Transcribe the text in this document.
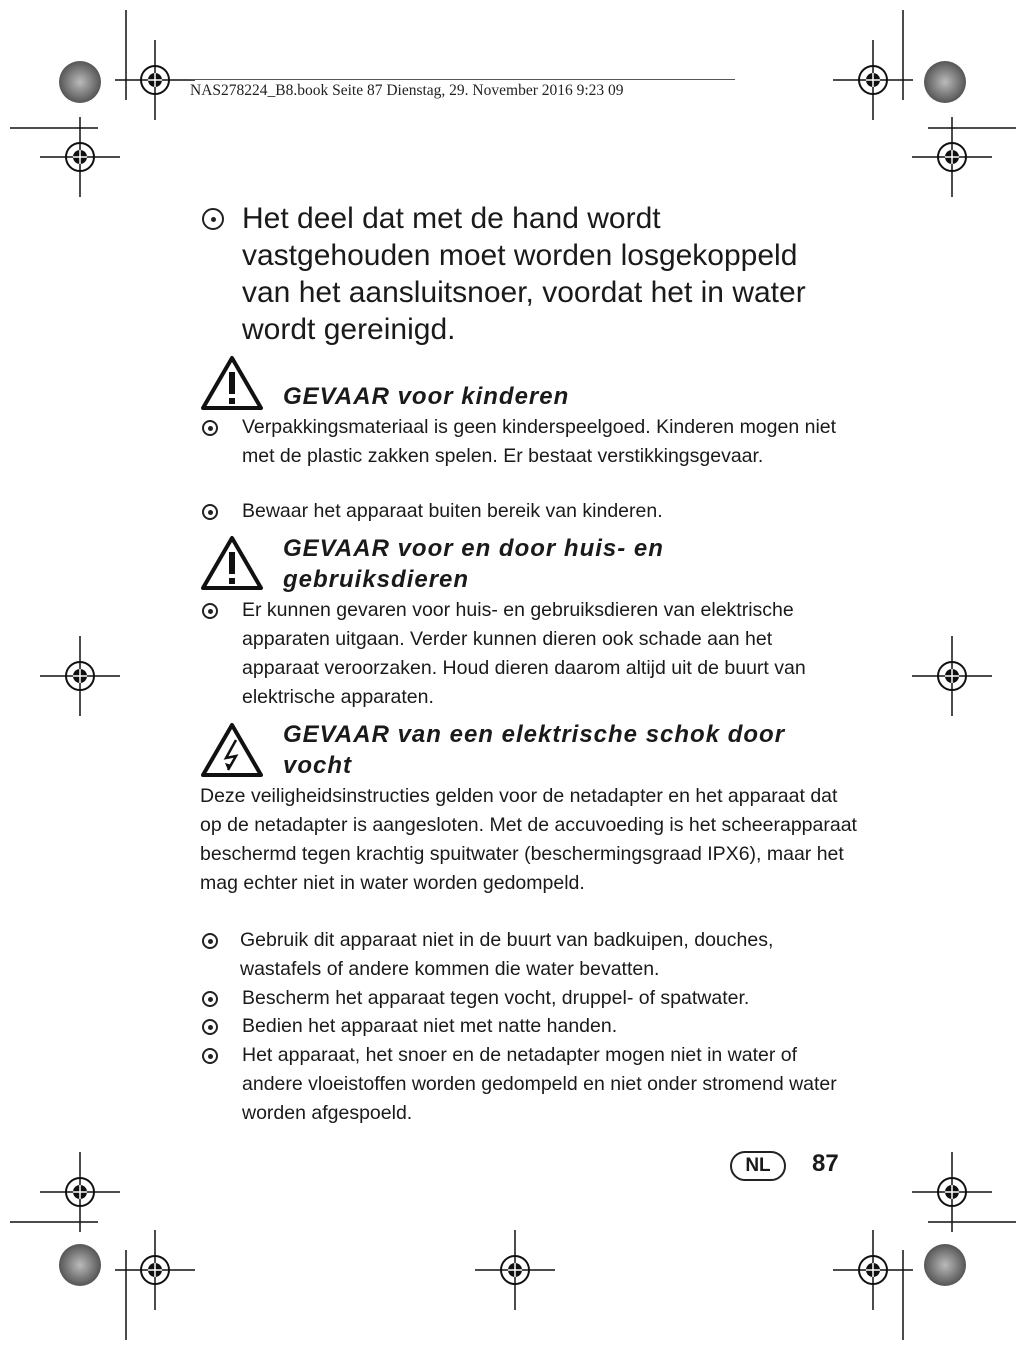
NAS278224_B8.book Seite 87 Dienstag, 29. November 2016 9:23 09
Het deel dat met de hand wordt vastgehouden moet worden losgekoppeld van het aansluitsnoer, voordat het in water wordt gereinigd.
GEVAAR voor kinderen
Verpakkingsmateriaal is geen kinderspeelgoed. Kinderen mogen niet met de plastic zakken spelen. Er bestaat verstikkingsgevaar.
Bewaar het apparaat buiten bereik van kinderen.
GEVAAR voor en door huis- en
gebruiksdieren
Er kunnen gevaren voor huis- en gebruiksdieren van elektrische apparaten uitgaan. Verder kunnen dieren ook schade aan het apparaat veroorzaken. Houd dieren daarom altijd uit de buurt van elektrische apparaten.
GEVAAR van een elektrische schok door
vocht
Deze veiligheidsinstructies gelden voor de netadapter en het apparaat dat op de netadapter is aangesloten. Met de accuvoeding is het scheerapparaat beschermd tegen krachtig spuitwater (beschermingsgraad IPX6), maar het mag echter niet in water worden gedompeld.
Gebruik dit apparaat niet in de buurt van badkuipen, douches, wastafels of andere kommen die water bevatten.
Bescherm het apparaat tegen vocht, druppel- of spatwater.
Bedien het apparaat niet met natte handen.
Het apparaat, het snoer en de netadapter mogen niet in water of andere vloeistoffen worden gedompeld en niet onder stromend water worden afgespoeld.
NL	87
